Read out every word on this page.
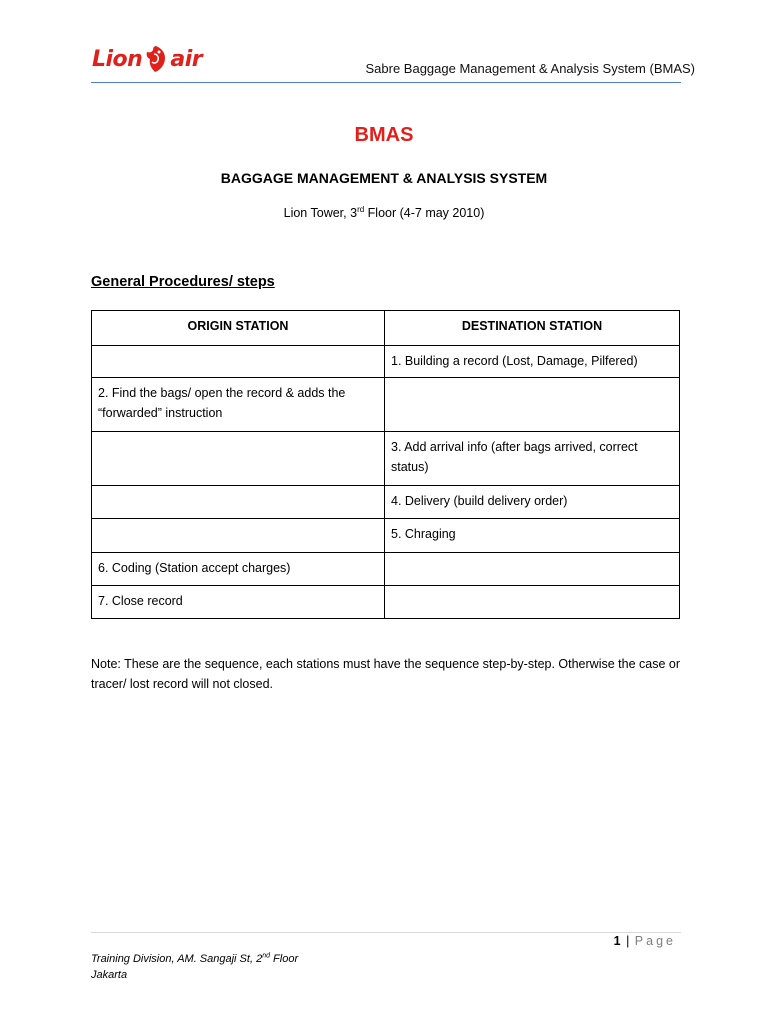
Lion air	Sabre Baggage Management & Analysis System (BMAS)
BMAS
BAGGAGE MANAGEMENT & ANALYSIS SYSTEM
Lion Tower, 3rd Floor (4-7 may 2010)
General Procedures/ steps
ORIGIN STATION	DESTINATION STATION
	1. Building a record (Lost, Damage, Pilfered)
2. Find the bags/ open the record & adds the “forwarded” instruction	
	3. Add arrival info (after bags arrived, correct status)
	4. Delivery (build delivery order)
	5. Chraging
6. Coding (Station accept charges)	
7. Close record	
Note: These are the sequence, each stations must have the sequence step-by-step. Otherwise the case or tracer/ lost record will not closed.
1 | Page
Training Division, AM. Sangaji St, 2nd Floor
Jakarta
